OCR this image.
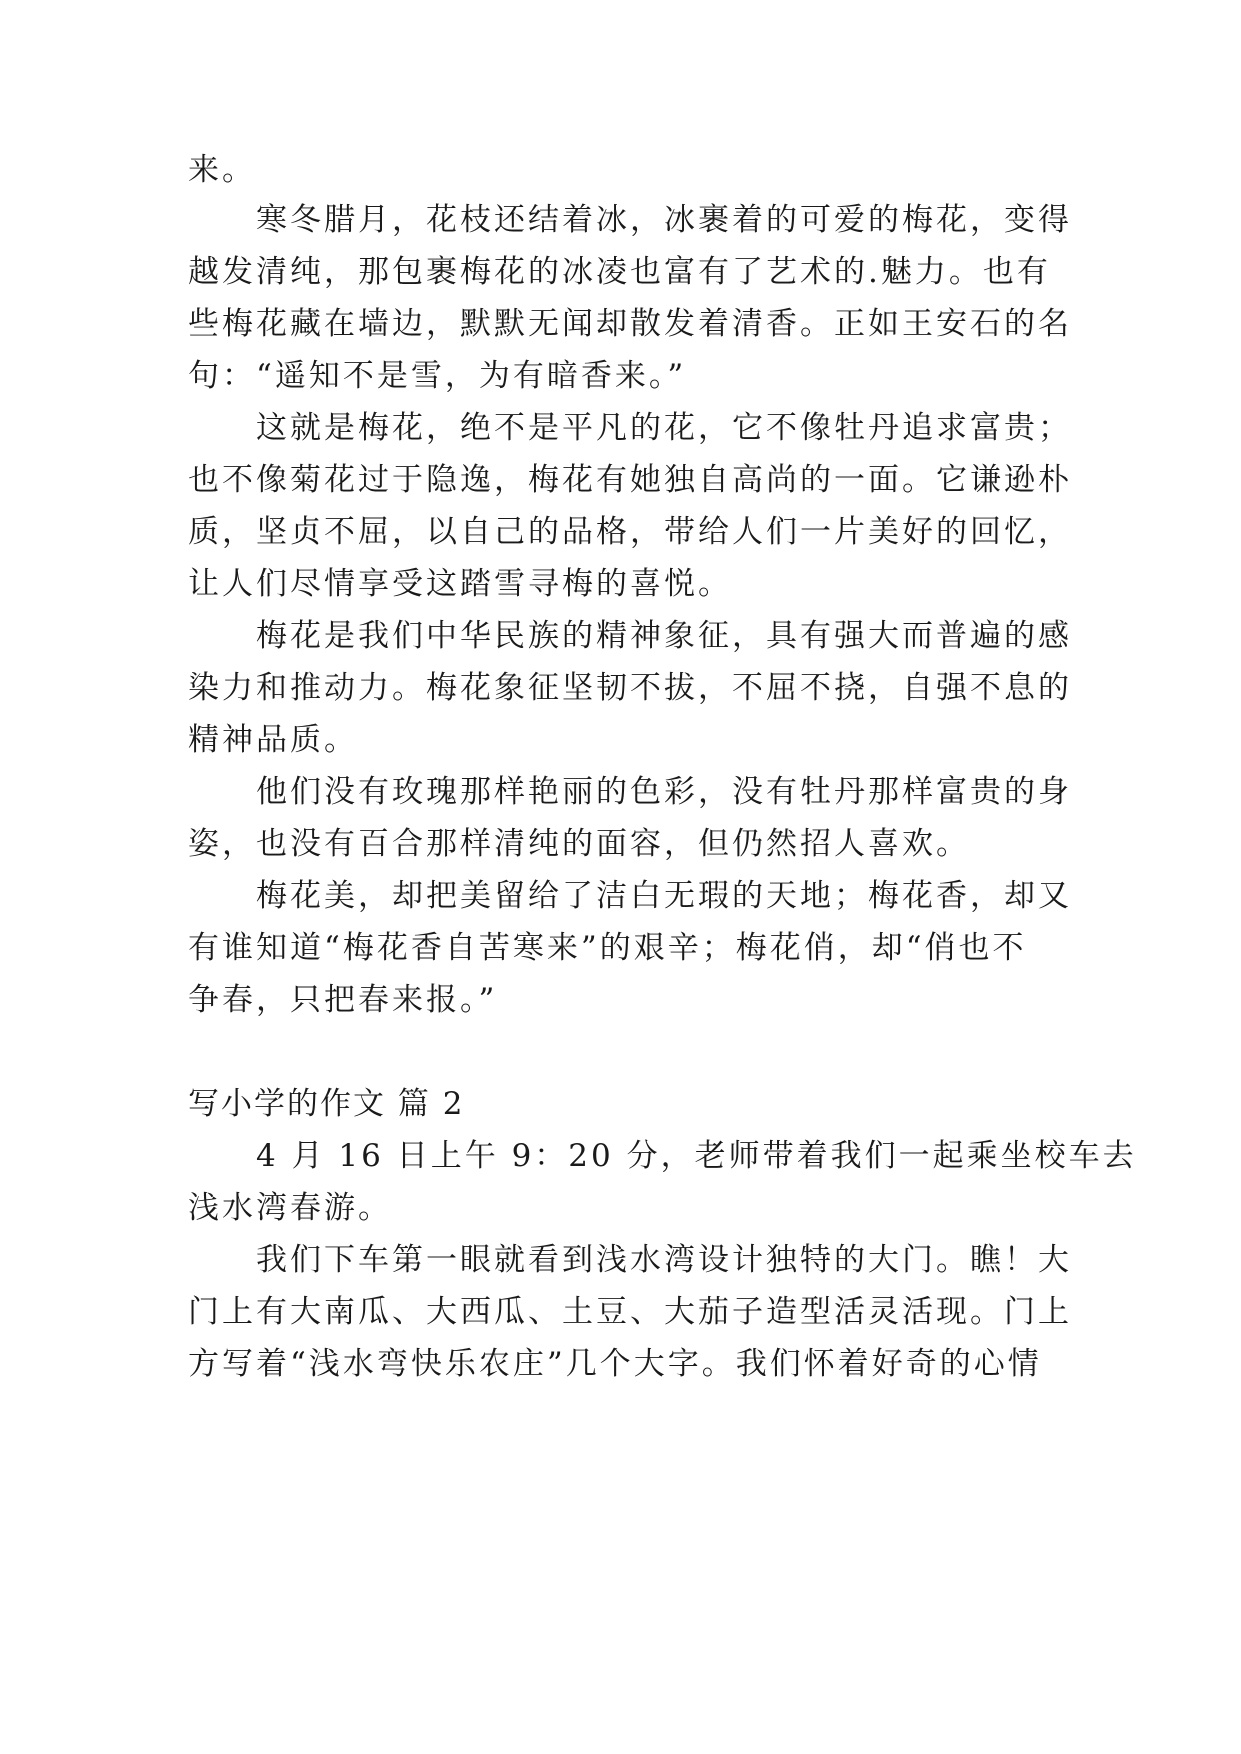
来。
寒冬腊月，花枝还结着冰，冰裹着的可爱的梅花，变得
越发清纯，那包裹梅花的冰凌也富有了艺术的.魅力。也有
些梅花藏在墙边，默默无闻却散发着清香。正如王安石的名
句：“遥知不是雪，为有暗香来。”
这就是梅花，绝不是平凡的花，它不像牡丹追求富贵；
也不像菊花过于隐逸，梅花有她独自高尚的一面。它谦逊朴
质，坚贞不屈，以自己的品格，带给人们一片美好的回忆，
让人们尽情享受这踏雪寻梅的喜悦。
梅花是我们中华民族的精神象征，具有强大而普遍的感
染力和推动力。梅花象征坚韧不拔，不屈不挠，自强不息的
精神品质。
他们没有玫瑰那样艳丽的色彩，没有牡丹那样富贵的身
姿，也没有百合那样清纯的面容，但仍然招人喜欢。
梅花美，却把美留给了洁白无瑕的天地；梅花香，却又
有谁知道“梅花香自苦寒来”的艰辛；梅花俏，却“俏也不
争春，只把春来报。”
写小学的作文 篇 2
4 月 16 日上午 9：20 分，老师带着我们一起乘坐校车去
浅水湾春游。
我们下车第一眼就看到浅水湾设计独特的大门。瞧！大
门上有大南瓜、大西瓜、土豆、大茄子造型活灵活现。门上
方写着“浅水弯快乐农庄”几个大字。我们怀着好奇的心情
